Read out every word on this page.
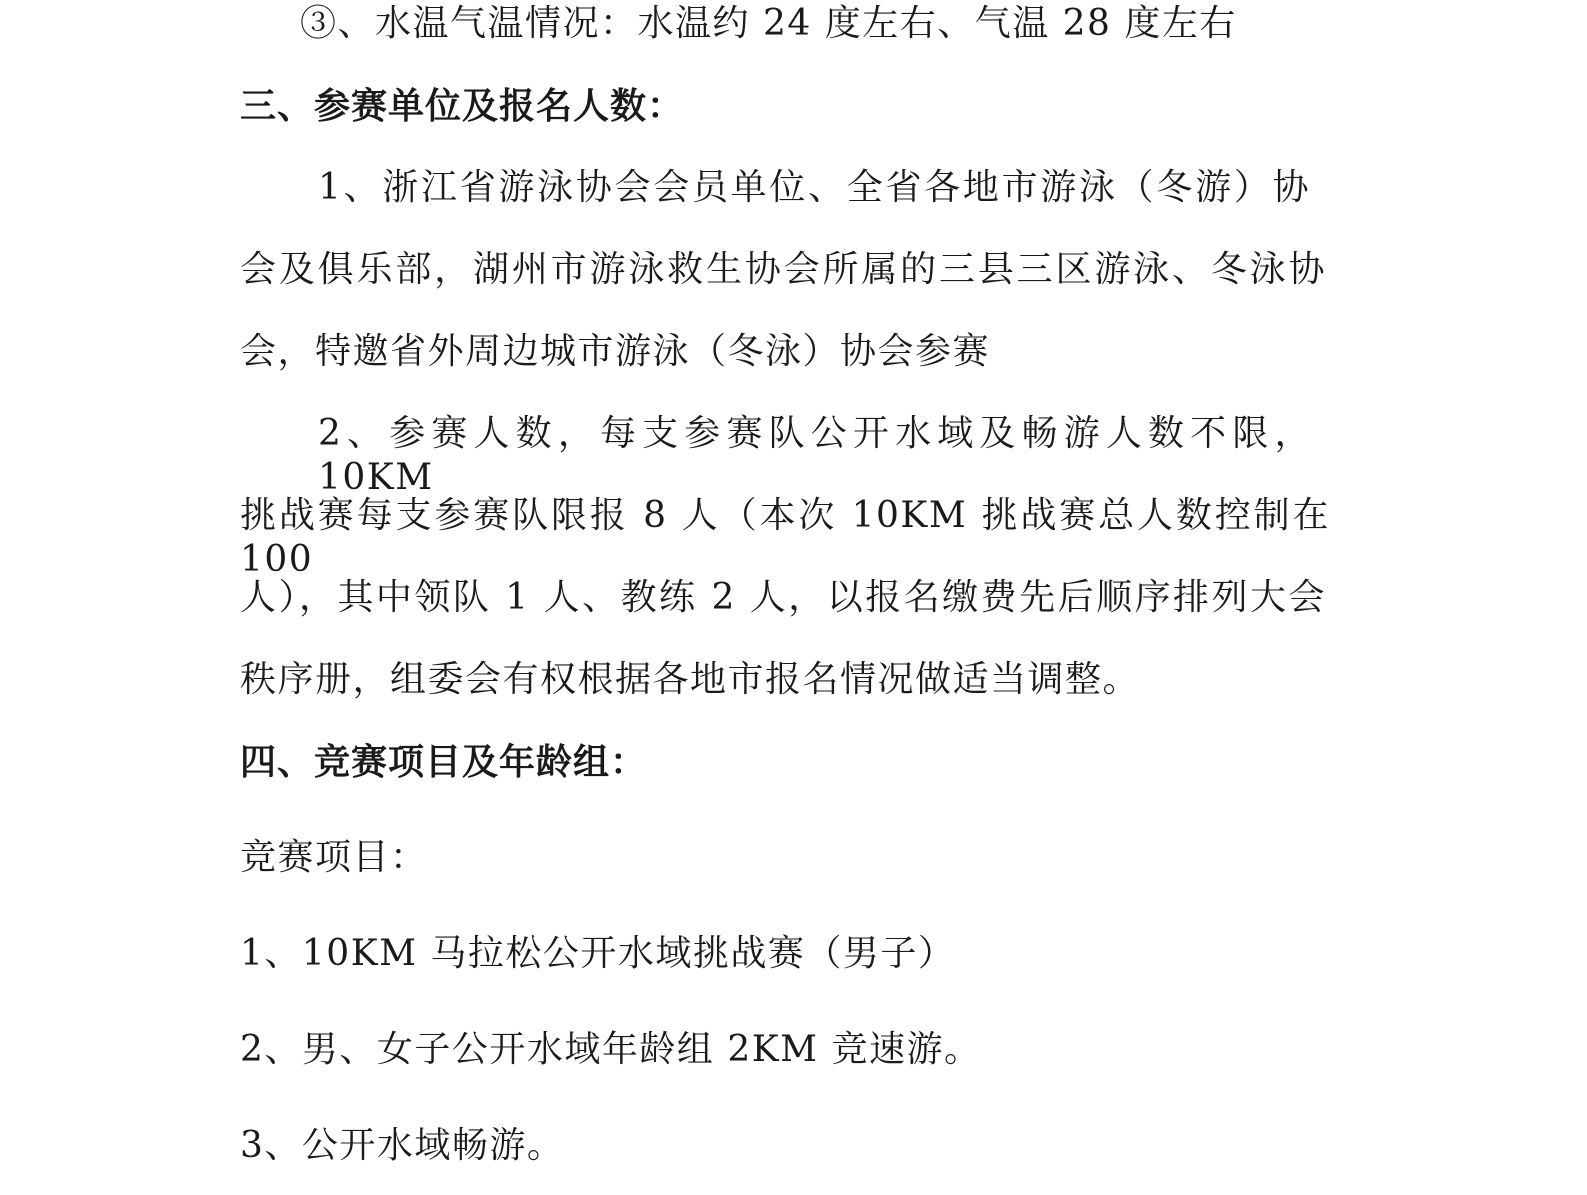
③、水温气温情况：水温约 24 度左右、气温 28 度左右
三、参赛单位及报名人数：
1、浙江省游泳协会会员单位、全省各地市游泳（冬游）协
会及俱乐部，湖州市游泳救生协会所属的三县三区游泳、冬泳协
会，特邀省外周边城市游泳（冬泳）协会参赛
2、参赛人数，每支参赛队公开水域及畅游人数不限，10KM
挑战赛每支参赛队限报 8 人（本次 10KM 挑战赛总人数控制在 100
人），其中领队 1 人、教练 2 人，以报名缴费先后顺序排列大会
秩序册，组委会有权根据各地市报名情况做适当调整。
四、竞赛项目及年龄组：
竞赛项目：
1、10KM 马拉松公开水域挑战赛（男子）
2、男、女子公开水域年龄组 2KM 竞速游。
3、公开水域畅游。
